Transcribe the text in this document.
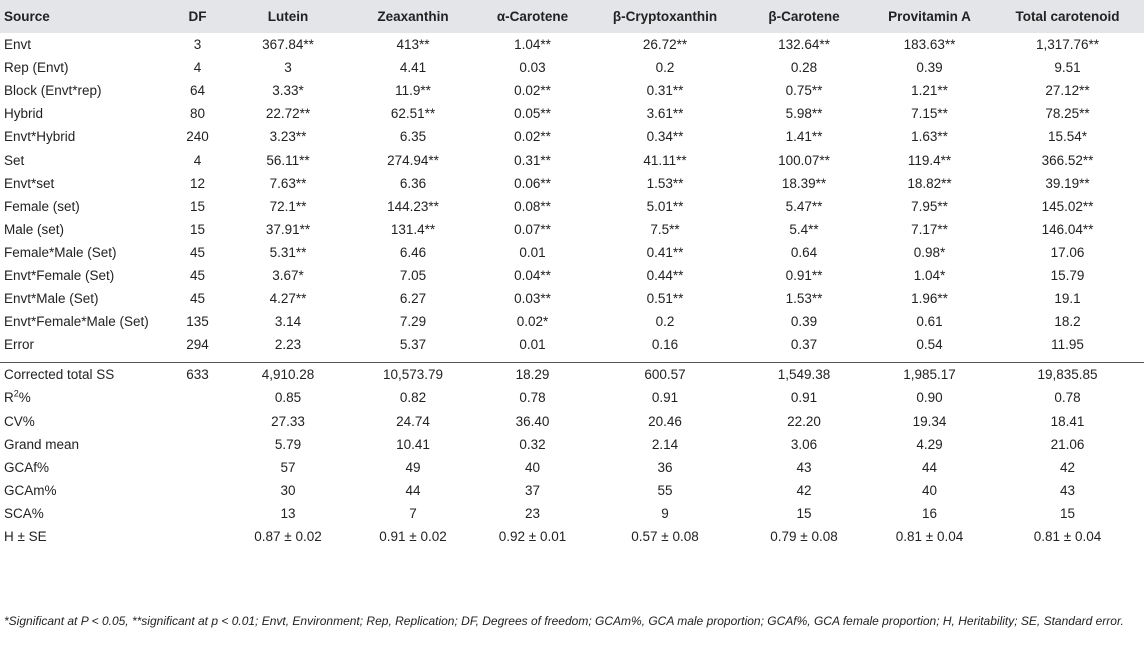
Source	DF	Lutein	Zeaxanthin	α-Carotene	β-Cryptoxanthin	β-Carotene	Provitamin A	Total carotenoid
Envt	3	367.84**	413**	1.04**	26.72**	132.64**	183.63**	1,317.76**
Rep (Envt)	4	3	4.41	0.03	0.2	0.28	0.39	9.51
Block (Envt*rep)	64	3.33*	11.9**	0.02**	0.31**	0.75**	1.21**	27.12**
Hybrid	80	22.72**	62.51**	0.05**	3.61**	5.98**	7.15**	78.25**
Envt*Hybrid	240	3.23**	6.35	0.02**	0.34**	1.41**	1.63**	15.54*
Set	4	56.11**	274.94**	0.31**	41.11**	100.07**	119.4**	366.52**
Envt*set	12	7.63**	6.36	0.06**	1.53**	18.39**	18.82**	39.19**
Female (set)	15	72.1**	144.23**	0.08**	5.01**	5.47**	7.95**	145.02**
Male (set)	15	37.91**	131.4**	0.07**	7.5**	5.4**	7.17**	146.04**
Female*Male (Set)	45	5.31**	6.46	0.01	0.41**	0.64	0.98*	17.06
Envt*Female (Set)	45	3.67*	7.05	0.04**	0.44**	0.91**	1.04*	15.79
Envt*Male (Set)	45	4.27**	6.27	0.03**	0.51**	1.53**	1.96**	19.1
Envt*Female*Male (Set)	135	3.14	7.29	0.02*	0.2	0.39	0.61	18.2
Error	294	2.23	5.37	0.01	0.16	0.37	0.54	11.95

Corrected total SS	633	4,910.28	10,573.79	18.29	600.57	1,549.38	1,985.17	19,835.85
$R^2\%$		0.85	0.82	0.78	0.91	0.91	0.90	0.78
CV%		27.33	24.74	36.40	20.46	22.20	19.34	18.41
Grand mean		5.79	10.41	0.32	2.14	3.06	4.29	21.06
GCAf%		57	49	40	36	43	44	42
GCAm%		30	44	37	55	42	40	43
SCA%		13	7	23	9	15	16	15
H ± SE		0.87 ± 0.02	0.91 ± 0.02	0.92 ± 0.01	0.57 ± 0.08	0.79 ± 0.08	0.81 ± 0.04	0.81 ± 0.04
*Significant at P < 0.05, **significant at p < 0.01; Envt, Environment; Rep, Replication; DF, Degrees of freedom; GCAm%, GCA male proportion; GCAf%, GCA female proportion; H, Heritability; SE, Standard error.
